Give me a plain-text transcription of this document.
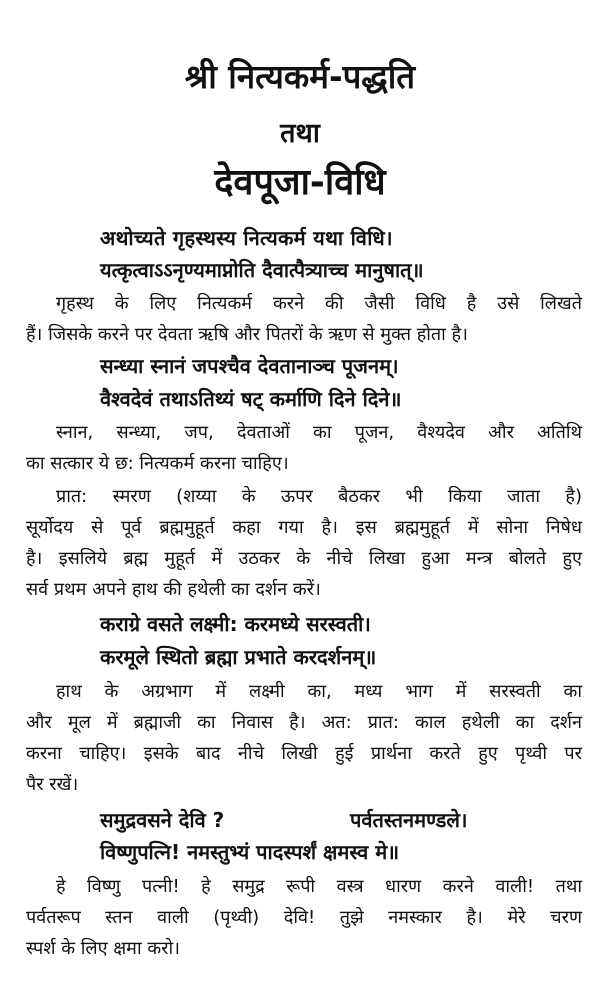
श्री नित्यकर्म-पद्धति
तथा
देवपूजा-विधि

अथोच्यते गृहस्थस्य नित्यकर्म यथा विधि।

यत्कृत्वाऽऽनृण्यमाप्नोति दैवात्पैत्र्याच्च मानुषात्॥

गृहस्थ के लिए नित्यकर्म करने की जैसी विधि है उसे लिखते
हैं। जिसके करने पर देवता ऋषि और पितरों के ऋण से मुक्त होता है।

सन्ध्या स्नानं जपश्चैव देवतानाञ्च पूजनम्।

वैश्वदेवं तथाऽतिथ्यं षट् कर्माणि दिने दिने॥

स्नान, सन्ध्या, जप, देवताओं का पूजन, वैश्यदेव और अतिथि
का सत्कार ये छ: नित्यकर्म करना चाहिए।
प्रात: स्मरण (शय्या के ऊपर बैठकर भी किया जाता है)
सूर्योदय से पूर्व ब्रह्ममुहूर्त कहा गया है। इस ब्रह्ममुहूर्त में सोना निषेध
है। इसलिये ब्रह्म मुहूर्त में उठकर के नीचे लिखा हुआ मन्त्र बोलते हुए
सर्व प्रथम अपने हाथ की हथेली का दर्शन करें।

कराग्रे वसते लक्ष्मी: करमध्ये सरस्वती।

करमूले स्थितो ब्रह्मा प्रभाते करदर्शनम्॥

हाथ के अग्रभाग में लक्ष्मी का, मध्य भाग में सरस्वती का
और मूल में ब्रह्माजी का निवास है। अत: प्रात: काल हथेली का दर्शन
करना चाहिए। इसके बाद नीचे लिखी हुई प्रार्थना करते हुए पृथ्वी पर
पैर रखें।

समुद्रवसने देवि ?	पर्वतस्तनमण्डले।

विष्णुपत्नि! नमस्तुभ्यं पादस्पर्शं क्षमस्व मे॥

हे विष्णु पत्नी! हे समुद्र रूपी वस्त्र धारण करने वाली! तथा
पर्वतरूप स्तन वाली (पृथ्वी) देवि! तुझे नमस्कार है। मेरे चरण
स्पर्श के लिए क्षमा करो।
